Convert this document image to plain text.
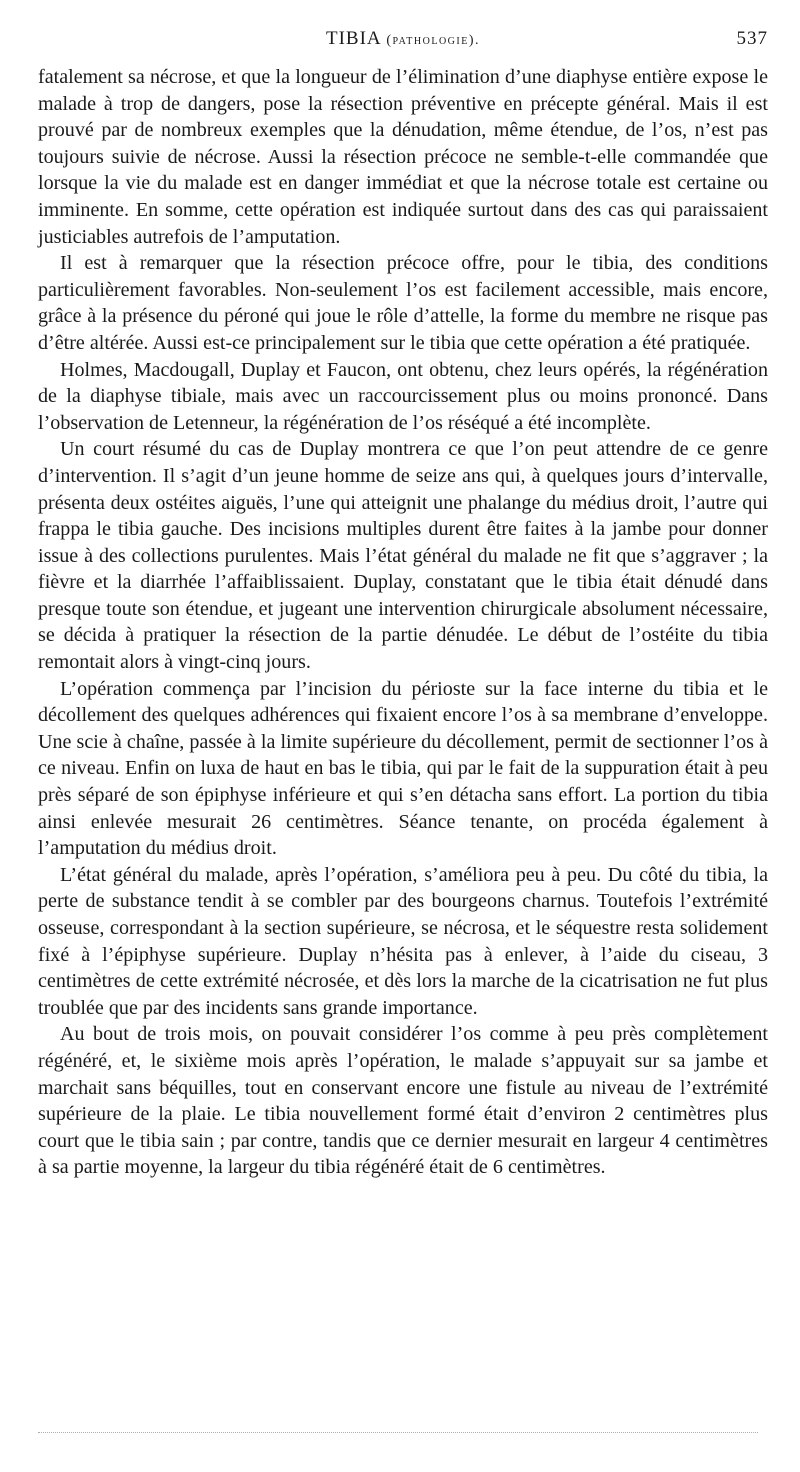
TIBIA (pathologie).	537

fatalement sa nécrose, et que la longueur de l’élimination d’une diaphyse entière expose le malade à trop de dangers, pose la résection préventive en précepte général. Mais il est prouvé par de nombreux exemples que la dénudation, même étendue, de l’os, n’est pas toujours suivie de nécrose. Aussi la résection précoce ne semble-t-elle commandée que lorsque la vie du malade est en danger immédiat et que la nécrose totale est certaine ou imminente. En somme, cette opération est indiquée surtout dans des cas qui paraissaient justiciables autrefois de l’amputation.

Il est à remarquer que la résection précoce offre, pour le tibia, des conditions particulièrement favorables. Non-seulement l’os est facilement accessible, mais encore, grâce à la présence du péroné qui joue le rôle d’attelle, la forme du membre ne risque pas d’être altérée. Aussi est-ce principalement sur le tibia que cette opération a été pratiquée.

Holmes, Macdougall, Duplay et Faucon, ont obtenu, chez leurs opérés, la régénération de la diaphyse tibiale, mais avec un raccourcissement plus ou moins prononcé. Dans l’observation de Letenneur, la régénération de l’os réséqué a été incomplète.

Un court résumé du cas de Duplay montrera ce que l’on peut attendre de ce genre d’intervention. Il s’agit d’un jeune homme de seize ans qui, à quelques jours d’intervalle, présenta deux ostéites aiguës, l’une qui atteignit une phalange du médius droit, l’autre qui frappa le tibia gauche. Des incisions multiples durent être faites à la jambe pour donner issue à des collections purulentes. Mais l’état général du malade ne fit que s’aggraver ; la fièvre et la diarrhée l’affaiblissaient. Duplay, constatant que le tibia était dénudé dans presque toute son étendue, et jugeant une intervention chirurgicale absolument nécessaire, se décida à pratiquer la résection de la partie dénudée. Le début de l’ostéite du tibia remontait alors à vingt-cinq jours.

L’opération commença par l’incision du périoste sur la face interne du tibia et le décollement des quelques adhérences qui fixaient encore l’os à sa membrane d’enveloppe. Une scie à chaîne, passée à la limite supérieure du décollement, permit de sectionner l’os à ce niveau. Enfin on luxa de haut en bas le tibia, qui par le fait de la suppuration était à peu près séparé de son épiphyse inférieure et qui s’en détacha sans effort. La portion du tibia ainsi enlevée mesurait 26 centimètres. Séance tenante, on procéda également à l’amputation du médius droit.

L’état général du malade, après l’opération, s’améliora peu à peu. Du côté du tibia, la perte de substance tendit à se combler par des bourgeons charnus. Toutefois l’extrémité osseuse, correspondant à la section supérieure, se nécrosa, et le séquestre resta solidement fixé à l’épiphyse supérieure. Duplay n’hésita pas à enlever, à l’aide du ciseau, 3 centimètres de cette extrémité nécrosée, et dès lors la marche de la cicatrisation ne fut plus troublée que par des incidents sans grande importance.

Au bout de trois mois, on pouvait considérer l’os comme à peu près complètement régénéré, et, le sixième mois après l’opération, le malade s’appuyait sur sa jambe et marchait sans béquilles, tout en conservant encore une fistule au niveau de l’extrémité supérieure de la plaie. Le tibia nouvellement formé était d’environ 2 centimètres plus court que le tibia sain ; par contre, tandis que ce dernier mesurait en largeur 4 centimètres à sa partie moyenne, la largeur du tibia régénéré était de 6 centimètres.
